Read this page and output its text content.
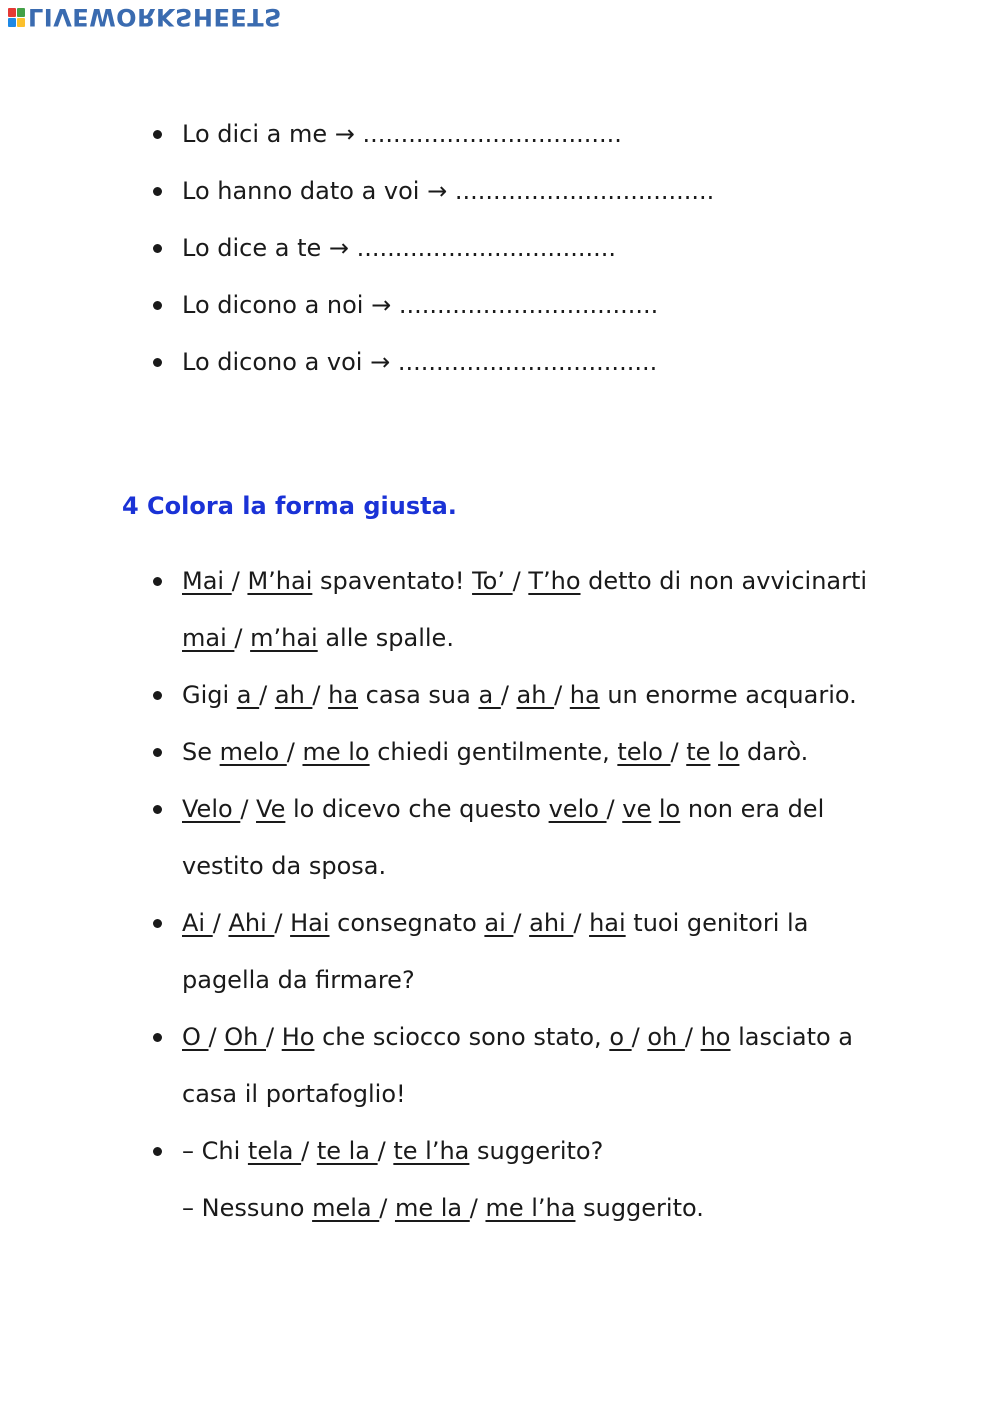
LIVEWORKSHEETS
Lo dici a me → ..................................
Lo hanno dato a voi → ..................................
Lo dice a te → ..................................
Lo dicono a noi → ..................................
Lo dicono a voi → ..................................
4 Colora la forma giusta.
Mai / M’hai spaventato! To’ / T’ho detto di non avvicinarti
mai / m’hai alle spalle.
Gigi a / ah / ha casa sua a / ah / ha un enorme acquario.
Se melo / me lo chiedi gentilmente, telo / te lo darò.
Velo / Ve lo dicevo che questo velo / ve lo non era del
vestito da sposa.
Ai / Ahi / Hai consegnato ai / ahi / hai tuoi genitori la
pagella da firmare?
O / Oh / Ho che sciocco sono stato, o / oh / ho lasciato a
casa il portafoglio!
– Chi tela / te la / te l’ha suggerito?
– Nessuno mela / me la / me l’ha suggerito.
